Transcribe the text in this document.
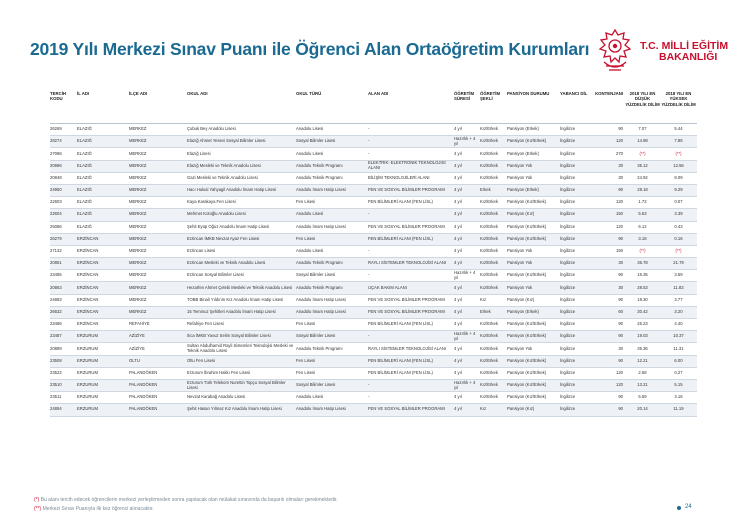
2019 Yılı Merkezi Sınav Puanı ile Öğrenci Alan Ortaöğretim Kurumları	T.C. MİLLİ EĞİTİM
BAKANLIĞI
TERCİH KODU	İL ADI	İLÇE ADI	OKUL ADI	OKUL TÜRÜ	ALAN ADI	ÖĞRETİM SÜRESİ	ÖĞRETİM ŞEKLİ	PANSİYON DURUMU	YABANCI DİL	KONTENJANI	2018 YILI EN DÜŞÜK YÜZDELİK DİLİM	2018 YILI EN YÜKSEK YÜZDELİK DİLİM
26269	ELAZIĞ	MERKEZ	Çubuk Bey Anadolu Lisesi	Anadolu Lisesi	-	4 yıl	Kız/Erkek	Pansiyon (Erkek)	İngilizce	90	7.07	5.44
28274	ELAZIĞ	MERKEZ	Elazığ Ahmet Yesevi Sosyal Bilimler Lisesi	Sosyal Bilimler Lisesi	-	Hazırlık + 4 yıl	Kız/Erkek	Pansiyon (Kız/Erkek)	İngilizce	120	14.98	7.88
27086	ELAZIĞ	MERKEZ	Elazığ Lisesi	Anadolu Lisesi	-	4 yıl	Kız/Erkek	Pansiyon (Erkek)	İngilizce	270	(**)	(**)
20986	ELAZIĞ	MERKEZ	Elazığ Mesleki ve Teknik Anadolu Lisesi	Anadolu Teknik Programı	ELEKTRİK- ELEKTRONİK TEKNOLOJİSİ ALANI	4 yıl	Kız/Erkek	Pansiyon Yok	İngilizce	30	35.12	12.56
20848	ELAZIĞ	MERKEZ	Gazi Mesleki ve Teknik Anadolu Lisesi	Anadolu Teknik Programı	BİLİŞİM TEKNOLOJİLERİ ALANI	4 yıl	Kız/Erkek	Pansiyon Yok	İngilizce	30	24.92	8.09
24950	ELAZIĞ	MERKEZ	Hacı Hulusi Yahyagil Anadolu İmam Hatip Lisesi	Anadolu İmam Hatip Lisesi	FEN VE SOSYAL BİLİMLER PROGRAMI	4 yıl	Erkek	Pansiyon (Erkek)	İngilizce	90	28.18	9.29
22603	ELAZIĞ	MERKEZ	Kaya Karakaya Fen Lisesi	Fen Lisesi	FEN BİLİMLERİ ALANI (FEN LİSL)	4 yıl	Kız/Erkek	Pansiyon (Kız/Erkek)	İngilizce	120	1.72	0.07
22604	ELAZIĞ	MERKEZ	Mehmet Kotoğlu Anadolu Lisesi	Anadolu Lisesi	-	4 yıl	Kız/Erkek	Pansiyon (Kız)	İngilizce	150	5.63	3.39
25086	ELAZIĞ	MERKEZ	Şehit Eyüp Oğuz Anadolu İmam Hatip Lisesi	Anadolu İmam Hatip Lisesi	FEN VE SOSYAL BİLİMLER PROGRAMI	4 yıl	Kız/Erkek	Pansiyon (Kız/Erkek)	İngilizce	120	6.12	0.43
26279	ERZİNCAN	MERKEZ	Erzincan İMKB Nevzat Ayaz Fen Lisesi	Fen Lisesi	FEN BİLİMLERİ ALANI (FEN LİSL)	4 yıl	Kız/Erkek	Pansiyon (Kız/Erkek)	İngilizce	90	3.18	0.16
27132	ERZİNCAN	MERKEZ	Erzincan Lisesi	Anadolu Lisesi	-	4 yıl	Kız/Erkek	Pansiyon Yok	İngilizce	150	(**)	(**)
20851	ERZİNCAN	MERKEZ	Erzincan Mesleki ve Teknik Anadolu Lisesi	Anadolu Teknik Programı	RAYLI SİSTEMLER TEKNOLOJİSİ ALANI	4 yıl	Kız/Erkek	Pansiyon Yok	İngilizce	30	36.78	21.79
23485	ERZİNCAN	MERKEZ	Erzincan Sosyal Bilimler Lisesi	Sosyal Bilimler Lisesi	-	Hazırlık + 4 yıl	Kız/Erkek	Pansiyon (Kız/Erkek)	İngilizce	90	16.35	3.59
20863	ERZİNCAN	MERKEZ	Hezarfen Ahmet Çelebi Mesleki ve Teknik Anadolu Lisesi	Anadolu Teknik Programı	UÇAK BAKIM ALANI	4 yıl	Kız/Erkek	Pansiyon Yok	İngilizce	30	28.53	11.83
24883	ERZİNCAN	MERKEZ	TOBB Binali Yıldırım Kız Anadolu İmam Hatip Lisesi	Anadolu İmam Hatip Lisesi	FEN VE SOSYAL BİLİMLER PROGRAMI	4 yıl	Kız	Pansiyon (Kız)	İngilizce	90	19.30	3.77
26632	ERZİNCAN	MERKEZ	15 Temmuz Şehitleri Anadolu İmam Hatip Lisesi	Anadolu İmam Hatip Lisesi	FEN VE SOSYAL BİLİMLER PROGRAMI	4 yıl	Erkek	Pansiyon (Erkek)	İngilizce	60	30.42	3.20
23486	ERZİNCAN	REFAHİYE	Refahiye Fen Lisesi	Fen Lisesi	FEN BİLİMLERİ ALANI (FEN LİSL)	4 yıl	Kız/Erkek	Pansiyon (Kız/Erkek)	İngilizce	90	25.23	4.40
23487	ERZURUM	AZİZİYE	Ilıca İMKB Yavuz Selim Sosyal Bilimler Lisesi	Sosyal Bilimler Lisesi	-	Hazırlık + 4 yıl	Kız/Erkek	Pansiyon (Kız/Erkek)	İngilizce	90	19.03	10.37
20889	ERZURUM	AZİZİYE	Sultan Abdulhamid Rayli Sistemleri Teknolojisi Mesleki ve Teknik Anadolu Lisesi	Anadolu Teknik Programı	RAYLI SİSTEMLER TEKNOLOJİSİ ALANI	4 yıl	Kız/Erkek	Pansiyon Yok	İngilizce	30	35.36	11.31
23508	ERZURUM	OLTU	Oltu Fen Lisesi	Fen Lisesi	FEN BİLİMLERİ ALANI (FEN LİSL)	4 yıl	Kız/Erkek	Pansiyon (Kız/Erkek)	İngilizce	90	12.21	6.00
23522	ERZURUM	PALANDÖKEN	Erzurum İbrahim Hakkı Fen Lisesi	Fen Lisesi	FEN BİLİMLERİ ALANI (FEN LİSL)	4 yıl	Kız/Erkek	Pansiyon (Kız/Erkek)	İngilizce	120	2.58	0.27
23510	ERZURUM	PALANDÖKEN	Erzurum Türk Telekom Nurettin Topçu Sosyal Bilimler Lisesi	Sosyal Bilimler Lisesi	-	Hazırlık + 4 yıl	Kız/Erkek	Pansiyon (Kız/Erkek)	İngilizce	120	13.21	5.15
23511	ERZURUM	PALANDÖKEN	Nevzat Karabağ Anadolu Lisesi	Anadolu Lisesi	-	4 yıl	Kız/Erkek	Pansiyon (Kız/Erkek)	İngilizce	90	6.59	3.16
24894	ERZURUM	PALANDÖKEN	Şehit Hasan Yılmaz Kız Anadolu İmam Hatip Lisesi	Anadolu İmam Hatip Lisesi	FEN VE SOSYAL BİLİMLER PROGRAMI	4 yıl	Kız	Pansiyon (Kız)	İngilizce	90	20.14	11.19
(*) Bu alanı tercih edecek öğrencilerin merkezi yerleştirmeden sonra yapılacak olan mülakat sınavında da başarılı olmaları gerekmektedir.
(**) Merkezi Sınav Puanıyla ilk kez öğrenci alınacaktır.	24
